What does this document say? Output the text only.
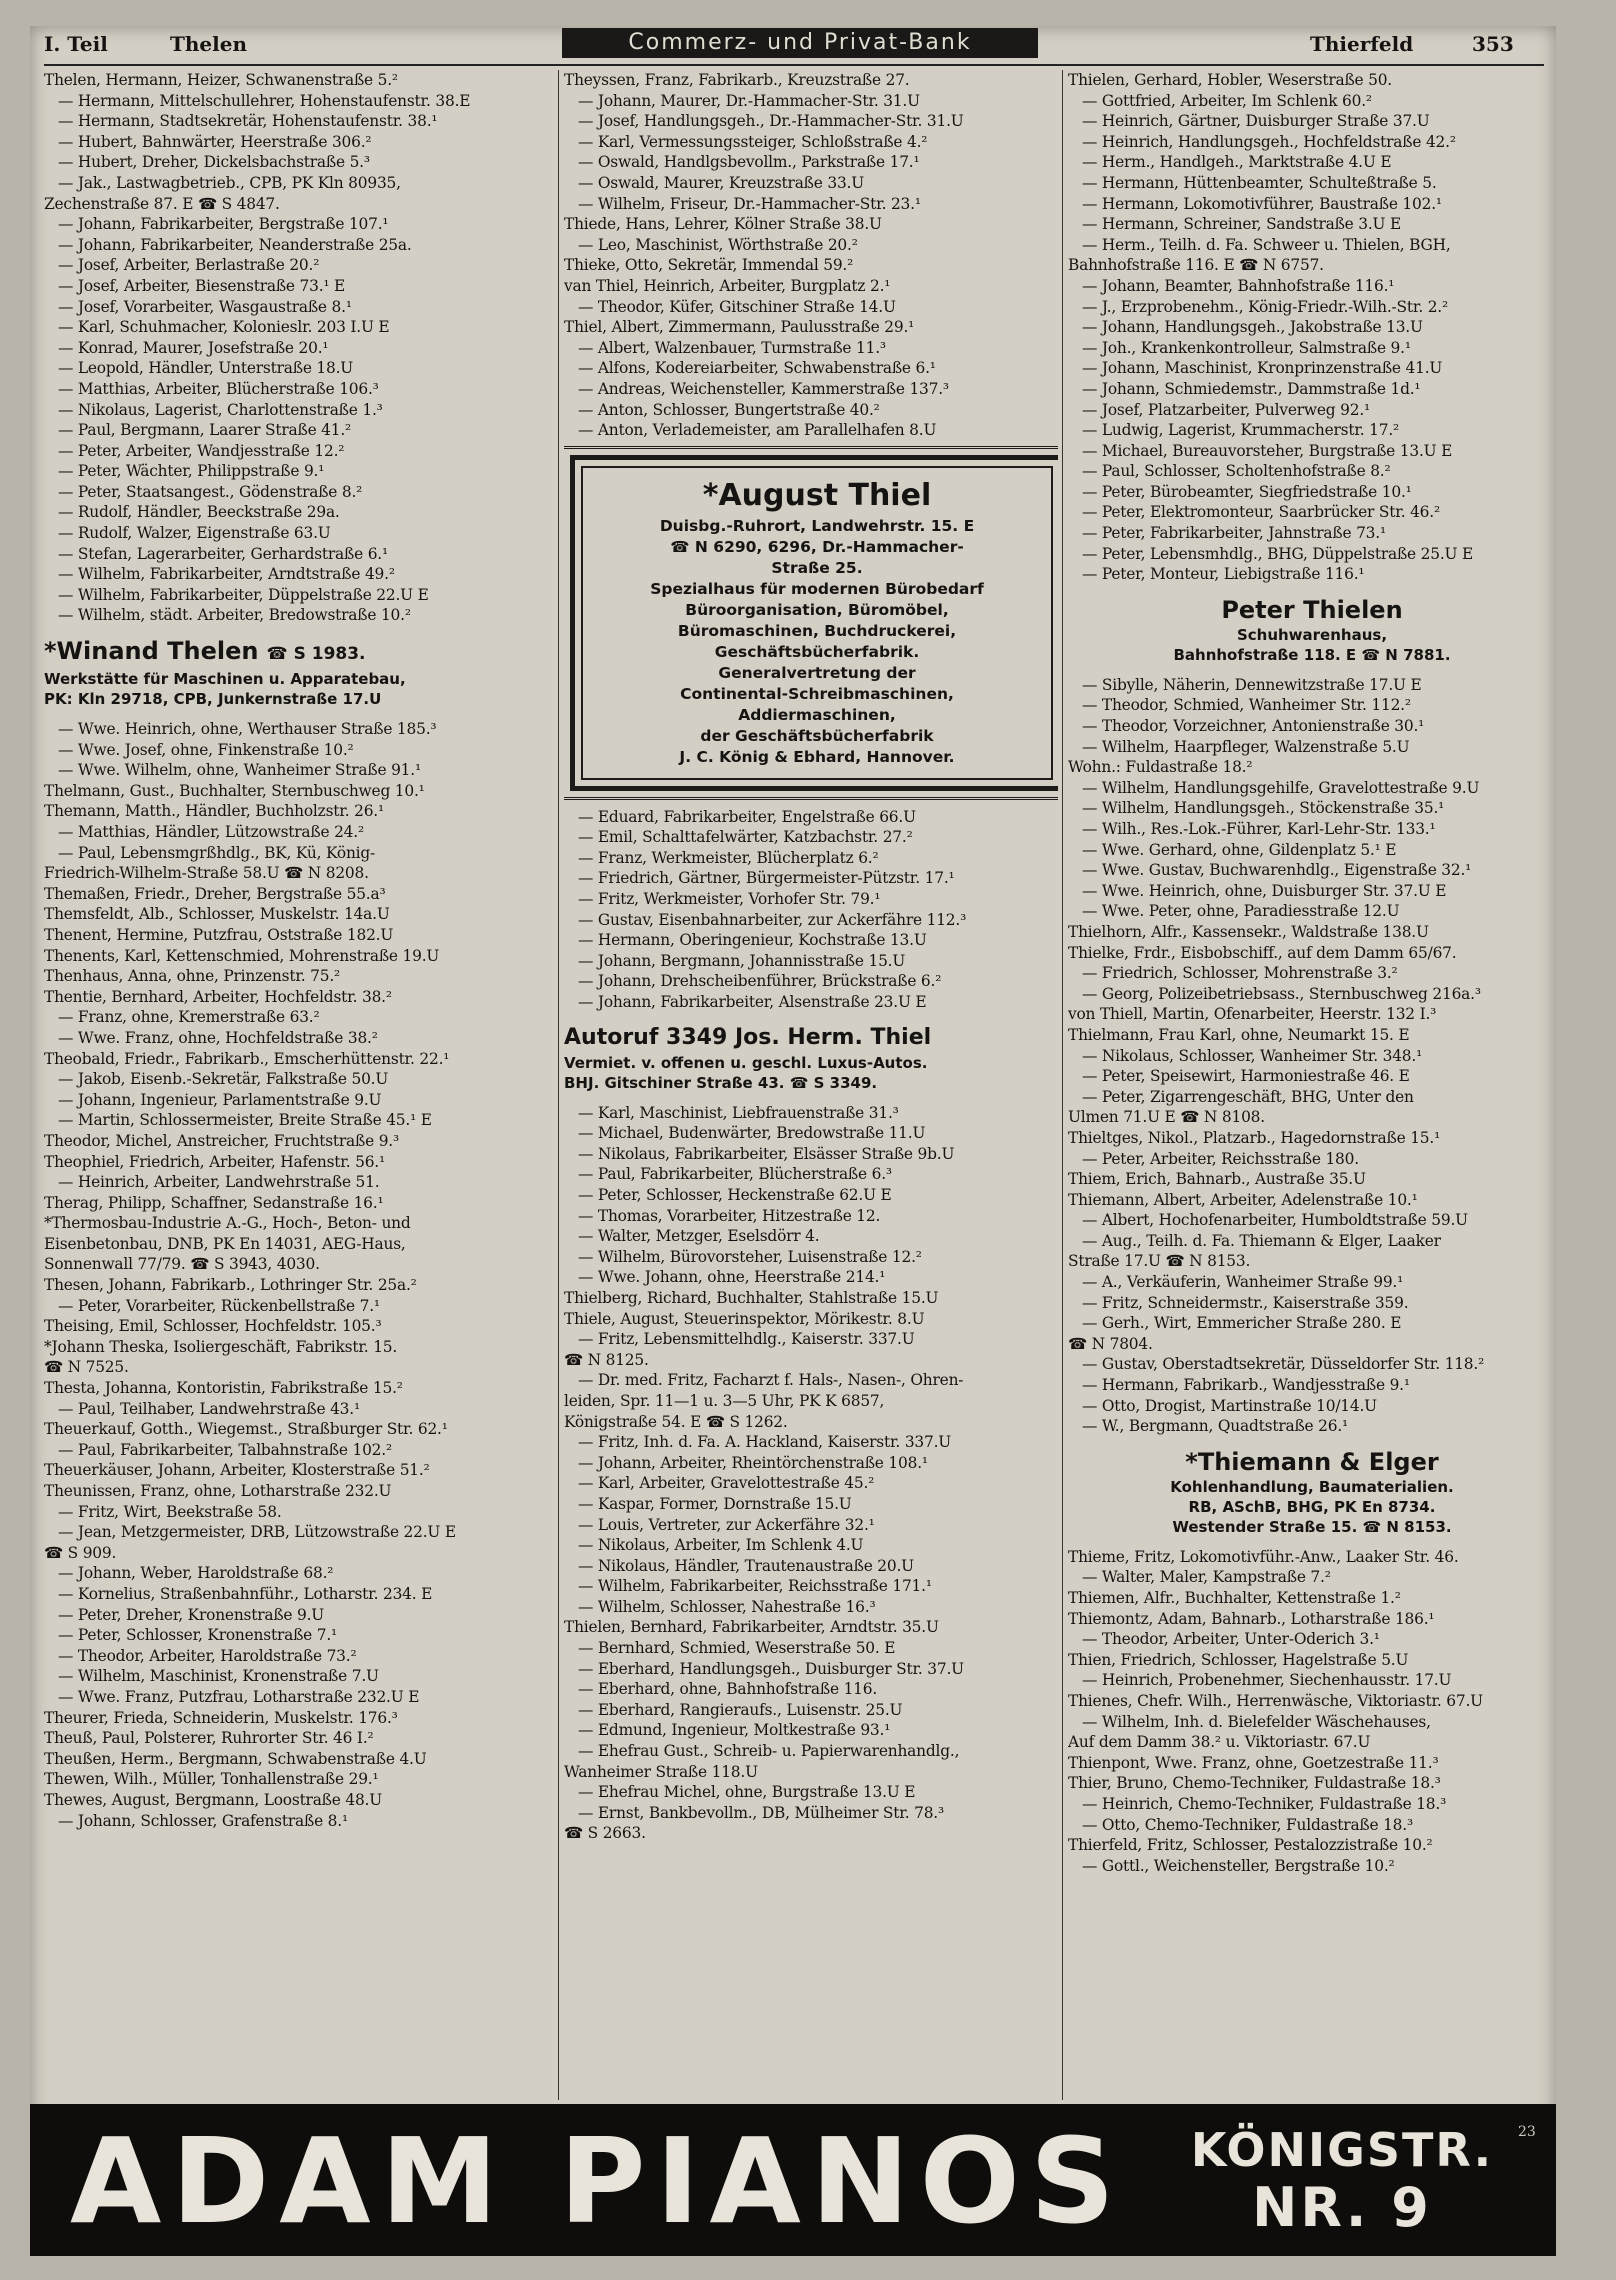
I. Teil	Thelen	Commerz- und Privat-Bank	Thierfeld	353
Thelen, Hermann, Heizer, Schwanenstraße 5.²
— Hermann, Mittelschullehrer, Hohenstaufenstr. 38.E
— Hermann, Stadtsekretär, Hohenstaufenstr. 38.¹
— Hubert, Bahnwärter, Heerstraße 306.²
— Hubert, Dreher, Dickelsbachstraße 5.³
— Jak., Lastwagbetrieb., CPB, PK Kln 80935,
Zechenstraße 87. E ☎ S 4847.
— Johann, Fabrikarbeiter, Bergstraße 107.¹
— Johann, Fabrikarbeiter, Neanderstraße 25a.
— Josef, Arbeiter, Berlastraße 20.²
— Josef, Arbeiter, Biesenstraße 73.¹ E
— Josef, Vorarbeiter, Wasgaustraße 8.¹
— Karl, Schuhmacher, Kolonieslr. 203 I.U E
— Konrad, Maurer, Josefstraße 20.¹
— Leopold, Händler, Unterstraße 18.U
— Matthias, Arbeiter, Blücherstraße 106.³
— Nikolaus, Lagerist, Charlottenstraße 1.³
— Paul, Bergmann, Laarer Straße 41.²
— Peter, Arbeiter, Wandjesstraße 12.²
— Peter, Wächter, Philippstraße 9.¹
— Peter, Staatsangest., Gödenstraße 8.²
— Rudolf, Händler, Beeckstraße 29a.
— Rudolf, Walzer, Eigenstraße 63.U
— Stefan, Lagerarbeiter, Gerhardstraße 6.¹
— Wilhelm, Fabrikarbeiter, Arndtstraße 49.²
— Wilhelm, Fabrikarbeiter, Düppelstraße 22.U E
— Wilhelm, städt. Arbeiter, Bredowstraße 10.²
*Winand Thelen ☎ S 1983.
Werkstätte für Maschinen u. Apparatebau,
PK: Kln 29718, CPB, Junkernstraße 17.U
— Wwe. Heinrich, ohne, Werthauser Straße 185.³
— Wwe. Josef, ohne, Finkenstraße 10.²
— Wwe. Wilhelm, ohne, Wanheimer Straße 91.¹
Thelmann, Gust., Buchhalter, Sternbuschweg 10.¹
Themann, Matth., Händler, Buchholzstr. 26.¹
— Matthias, Händler, Lützowstraße 24.²
— Paul, Lebensmgrßhdlg., BK, Kü, König-
Friedrich-Wilhelm-Straße 58.U ☎ N 8208.
Themaßen, Friedr., Dreher, Bergstraße 55.a³
Themsfeldt, Alb., Schlosser, Muskelstr. 14a.U
Thenent, Hermine, Putzfrau, Oststraße 182.U
Thenents, Karl, Kettenschmied, Mohrenstraße 19.U
Thenhaus, Anna, ohne, Prinzenstr. 75.²
Thentie, Bernhard, Arbeiter, Hochfeldstr. 38.²
— Franz, ohne, Kremerstraße 63.²
— Wwe. Franz, ohne, Hochfeldstraße 38.²
Theobald, Friedr., Fabrikarb., Emscherhüttenstr. 22.¹
— Jakob, Eisenb.-Sekretär, Falkstraße 50.U
— Johann, Ingenieur, Parlamentstraße 9.U
— Martin, Schlossermeister, Breite Straße 45.¹ E
Theodor, Michel, Anstreicher, Fruchtstraße 9.³
Theophiel, Friedrich, Arbeiter, Hafenstr. 56.¹
— Heinrich, Arbeiter, Landwehrstraße 51.
Therag, Philipp, Schaffner, Sedanstraße 16.¹
*Thermosbau-Industrie A.-G., Hoch-, Beton- und
Eisenbetonbau, DNB, PK En 14031, AEG-Haus,
Sonnenwall 77/79. ☎ S 3943, 4030.
Thesen, Johann, Fabrikarb., Lothringer Str. 25a.²
— Peter, Vorarbeiter, Rückenbellstraße 7.¹
Theising, Emil, Schlosser, Hochfeldstr. 105.³
*Johann Theska, Isoliergeschäft, Fabrikstr. 15.
☎ N 7525.
Thesta, Johanna, Kontoristin, Fabrikstraße 15.²
— Paul, Teilhaber, Landwehrstraße 43.¹
Theuerkauf, Gotth., Wiegemst., Straßburger Str. 62.¹
— Paul, Fabrikarbeiter, Talbahnstraße 102.²
Theuerkäuser, Johann, Arbeiter, Klosterstraße 51.²
Theunissen, Franz, ohne, Lotharstraße 232.U
— Fritz, Wirt, Beekstraße 58.
— Jean, Metzgermeister, DRB, Lützowstraße 22.U E
☎ S 909.
— Johann, Weber, Haroldstraße 68.²
— Kornelius, Straßenbahnführ., Lotharstr. 234. E
— Peter, Dreher, Kronenstraße 9.U
— Peter, Schlosser, Kronenstraße 7.¹
— Theodor, Arbeiter, Haroldstraße 73.²
— Wilhelm, Maschinist, Kronenstraße 7.U
— Wwe. Franz, Putzfrau, Lotharstraße 232.U E
Theurer, Frieda, Schneiderin, Muskelstr. 176.³
Theuß, Paul, Polsterer, Ruhrorter Str. 46 I.²
Theußen, Herm., Bergmann, Schwabenstraße 4.U
Thewen, Wilh., Müller, Tonhallenstraße 29.¹
Thewes, August, Bergmann, Loostraße 48.U
— Johann, Schlosser, Grafenstraße 8.¹
Theyssen, Franz, Fabrikarb., Kreuzstraße 27.
— Johann, Maurer, Dr.-Hammacher-Str. 31.U
— Josef, Handlungsgeh., Dr.-Hammacher-Str. 31.U
— Karl, Vermessungssteiger, Schloßstraße 4.²
— Oswald, Handlgsbevollm., Parkstraße 17.¹
— Oswald, Maurer, Kreuzstraße 33.U
— Wilhelm, Friseur, Dr.-Hammacher-Str. 23.¹
Thiede, Hans, Lehrer, Kölner Straße 38.U
— Leo, Maschinist, Wörthstraße 20.²
Thieke, Otto, Sekretär, Immendal 59.²
van Thiel, Heinrich, Arbeiter, Burgplatz 2.¹
— Theodor, Küfer, Gitschiner Straße 14.U
Thiel, Albert, Zimmermann, Paulusstraße 29.¹
— Albert, Walzenbauer, Turmstraße 11.³
— Alfons, Kodereiarbeiter, Schwabenstraße 6.¹
— Andreas, Weichensteller, Kammerstraße 137.³
— Anton, Schlosser, Bungertstraße 40.²
— Anton, Verlademeister, am Parallelhafen 8.U
*August Thiel
Duisbg.-Ruhrort, Landwehrstr. 15. E
☎ N 6290, 6296, Dr.-Hammacher-
Straße 25.
Spezialhaus für modernen Bürobedarf
Büroorganisation, Büromöbel,
Büromaschinen, Buchdruckerei,
Geschäftsbücherfabrik.
Generalvertretung der
Continental-Schreibmaschinen,
Addiermaschinen,
der Geschäftsbücherfabrik
J. C. König & Ebhard, Hannover.
— Eduard, Fabrikarbeiter, Engelstraße 66.U
— Emil, Schalttafelwärter, Katzbachstr. 27.²
— Franz, Werkmeister, Blücherplatz 6.²
— Friedrich, Gärtner, Bürgermeister-Pützstr. 17.¹
— Fritz, Werkmeister, Vorhofer Str. 79.¹
— Gustav, Eisenbahnarbeiter, zur Ackerfähre 112.³
— Hermann, Oberingenieur, Kochstraße 13.U
— Johann, Bergmann, Johannisstraße 15.U
— Johann, Drehscheibenführer, Brückstraße 6.²
— Johann, Fabrikarbeiter, Alsenstraße 23.U E
Autoruf 3349 Jos. Herm. Thiel
Vermiet. v. offenen u. geschl. Luxus-Autos.
BHJ. Gitschiner Straße 43. ☎ S 3349.
— Karl, Maschinist, Liebfrauenstraße 31.³
— Michael, Budenwärter, Bredowstraße 11.U
— Nikolaus, Fabrikarbeiter, Elsässer Straße 9b.U
— Paul, Fabrikarbeiter, Blücherstraße 6.³
— Peter, Schlosser, Heckenstraße 62.U E
— Thomas, Vorarbeiter, Hitzestraße 12.
— Walter, Metzger, Eselsdörr 4.
— Wilhelm, Bürovorsteher, Luisenstraße 12.²
— Wwe. Johann, ohne, Heerstraße 214.¹
Thielberg, Richard, Buchhalter, Stahlstraße 15.U
Thiele, August, Steuerinspektor, Mörikestr. 8.U
— Fritz, Lebensmittelhdlg., Kaiserstr. 337.U
☎ N 8125.
— Dr. med. Fritz, Facharzt f. Hals-, Nasen-, Ohren-
leiden, Spr. 11—1 u. 3—5 Uhr, PK K 6857,
Königstraße 54. E ☎ S 1262.
— Fritz, Inh. d. Fa. A. Hackland, Kaiserstr. 337.U
— Johann, Arbeiter, Rheintörchenstraße 108.¹
— Karl, Arbeiter, Gravelottestraße 45.²
— Kaspar, Former, Dornstraße 15.U
— Louis, Vertreter, zur Ackerfähre 32.¹
— Nikolaus, Arbeiter, Im Schlenk 4.U
— Nikolaus, Händler, Trautenaustraße 20.U
— Wilhelm, Fabrikarbeiter, Reichsstraße 171.¹
— Wilhelm, Schlosser, Nahestraße 16.³
Thielen, Bernhard, Fabrikarbeiter, Arndtstr. 35.U
— Bernhard, Schmied, Weserstraße 50. E
— Eberhard, Handlungsgeh., Duisburger Str. 37.U
— Eberhard, ohne, Bahnhofstraße 116.
— Eberhard, Rangieraufs., Luisenstr. 25.U
— Edmund, Ingenieur, Moltkestraße 93.¹
— Ehefrau Gust., Schreib- u. Papierwarenhandlg.,
Wanheimer Straße 118.U
— Ehefrau Michel, ohne, Burgstraße 13.U E
— Ernst, Bankbevollm., DB, Mülheimer Str. 78.³
☎ S 2663.
Thielen, Gerhard, Hobler, Weserstraße 50.
— Gottfried, Arbeiter, Im Schlenk 60.²
— Heinrich, Gärtner, Duisburger Straße 37.U
— Heinrich, Handlungsgeh., Hochfeldstraße 42.²
— Herm., Handlgeh., Marktstraße 4.U E
— Hermann, Hüttenbeamter, Schulteßtraße 5.
— Hermann, Lokomotivführer, Baustraße 102.¹
— Hermann, Schreiner, Sandstraße 3.U E
— Herm., Teilh. d. Fa. Schweer u. Thielen, BGH,
Bahnhofstraße 116. E ☎ N 6757.
— Johann, Beamter, Bahnhofstraße 116.¹
— J., Erzprobenehm., König-Friedr.-Wilh.-Str. 2.²
— Johann, Handlungsgeh., Jakobstraße 13.U
— Joh., Krankenkontrolleur, Salmstraße 9.¹
— Johann, Maschinist, Kronprinzenstraße 41.U
— Johann, Schmiedemstr., Dammstraße 1d.¹
— Josef, Platzarbeiter, Pulverweg 92.¹
— Ludwig, Lagerist, Krummacherstr. 17.²
— Michael, Bureauvorsteher, Burgstraße 13.U E
— Paul, Schlosser, Scholtenhofstraße 8.²
— Peter, Bürobeamter, Siegfriedstraße 10.¹
— Peter, Elektromonteur, Saarbrücker Str. 46.²
— Peter, Fabrikarbeiter, Jahnstraße 73.¹
— Peter, Lebensmhdlg., BHG, Düppelstraße 25.U E
— Peter, Monteur, Liebigstraße 116.¹
Peter Thielen
Schuhwarenhaus,
Bahnhofstraße 118. E ☎ N 7881.
— Sibylle, Näherin, Dennewitzstraße 17.U E
— Theodor, Schmied, Wanheimer Str. 112.²
— Theodor, Vorzeichner, Antonienstraße 30.¹
— Wilhelm, Haarpfleger, Walzenstraße 5.U
Wohn.: Fuldastraße 18.²
— Wilhelm, Handlungsgehilfe, Gravelottestraße 9.U
— Wilhelm, Handlungsgeh., Stöckenstraße 35.¹
— Wilh., Res.-Lok.-Führer, Karl-Lehr-Str. 133.¹
— Wwe. Gerhard, ohne, Gildenplatz 5.¹ E
— Wwe. Gustav, Buchwarenhdlg., Eigenstraße 32.¹
— Wwe. Heinrich, ohne, Duisburger Str. 37.U E
— Wwe. Peter, ohne, Paradiesstraße 12.U
Thielhorn, Alfr., Kassensekr., Waldstraße 138.U
Thielke, Frdr., Eisbobschiff., auf dem Damm 65/67.
— Friedrich, Schlosser, Mohrenstraße 3.²
— Georg, Polizeibetriebsass., Sternbuschweg 216a.³
von Thiell, Martin, Ofenarbeiter, Heerstr. 132 I.³
Thielmann, Frau Karl, ohne, Neumarkt 15. E
— Nikolaus, Schlosser, Wanheimer Str. 348.¹
— Peter, Speisewirt, Harmoniestraße 46. E
— Peter, Zigarrengeschäft, BHG, Unter den
Ulmen 71.U E ☎ N 8108.
Thieltges, Nikol., Platzarb., Hagedornstraße 15.¹
— Peter, Arbeiter, Reichsstraße 180.
Thiem, Erich, Bahnarb., Austraße 35.U
Thiemann, Albert, Arbeiter, Adelenstraße 10.¹
— Albert, Hochofenarbeiter, Humboldtstraße 59.U
— Aug., Teilh. d. Fa. Thiemann & Elger, Laaker
Straße 17.U ☎ N 8153.
— A., Verkäuferin, Wanheimer Straße 99.¹
— Fritz, Schneidermstr., Kaiserstraße 359.
— Gerh., Wirt, Emmericher Straße 280. E
☎ N 7804.
— Gustav, Oberstadtsekretär, Düsseldorfer Str. 118.²
— Hermann, Fabrikarb., Wandjesstraße 9.¹
— Otto, Drogist, Martinstraße 10/14.U
— W., Bergmann, Quadtstraße 26.¹
*Thiemann & Elger
Kohlenhandlung, Baumaterialien.
RB, ASchB, BHG, PK En 8734.
Westender Straße 15. ☎ N 8153.
Thieme, Fritz, Lokomotivführ.-Anw., Laaker Str. 46.
— Walter, Maler, Kampstraße 7.²
Thiemen, Alfr., Buchhalter, Kettenstraße 1.²
Thiemontz, Adam, Bahnarb., Lotharstraße 186.¹
— Theodor, Arbeiter, Unter-Oderich 3.¹
Thien, Friedrich, Schlosser, Hagelstraße 5.U
— Heinrich, Probenehmer, Siechenhausstr. 17.U
Thienes, Chefr. Wilh., Herrenwäsche, Viktoriastr. 67.U
— Wilhelm, Inh. d. Bielefelder Wäschehauses,
Auf dem Damm 38.² u. Viktoriastr. 67.U
Thienpont, Wwe. Franz, ohne, Goetzestraße 11.³
Thier, Bruno, Chemo-Techniker, Fuldastraße 18.³
— Heinrich, Chemo-Techniker, Fuldastraße 18.³
— Otto, Chemo-Techniker, Fuldastraße 18.³
Thierfeld, Fritz, Schlosser, Pestalozzistraße 10.²
— Gottl., Weichensteller, Bergstraße 10.²
ADAM PIANOS	KÖNIGSTR.
NR. 9
23
